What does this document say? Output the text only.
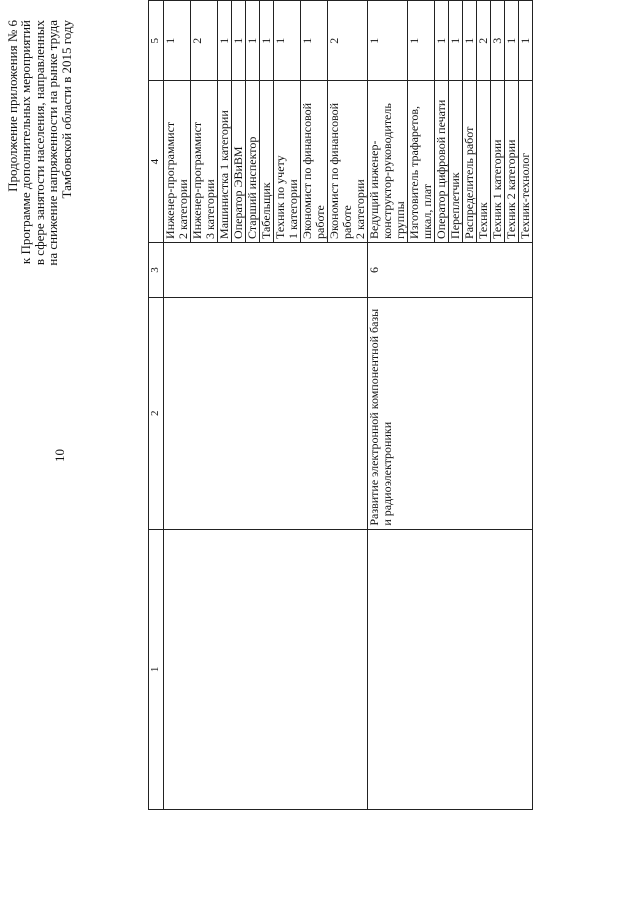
10
Продолжение приложения № 6
к Программе дополнительных мероприятий
в сфере занятости населения, направленных
на снижение напряженности на рынке труда
Тамбовской области в 2015 году
1	2	3	4	5

			Инженер-программист 2 категории	1

			Инженер-программист 3 категории	2

			Машинистка 1 категории	1

			Оператор ЭВиВМ	1

			Старший инспектор	1

			Табельщик	1

			Техник по учету 1 категории	1

			Экономист по финансовой работе	1

			Экономист по финансовой работе 2 категории	2
	Развитие электронной компонентной базы и радиоэлектроники	6	Ведущий инженер- конструктор-руководитель группы	1

			Изготовитель трафаретов, шкал, плат	1

			Оператор цифровой печати	1

			Переплетчик	1

			Распределитель работ	1

			Техник	2

			Техник 1 категории	3

			Техник 2 категории	1

			Техник-технолог	1
